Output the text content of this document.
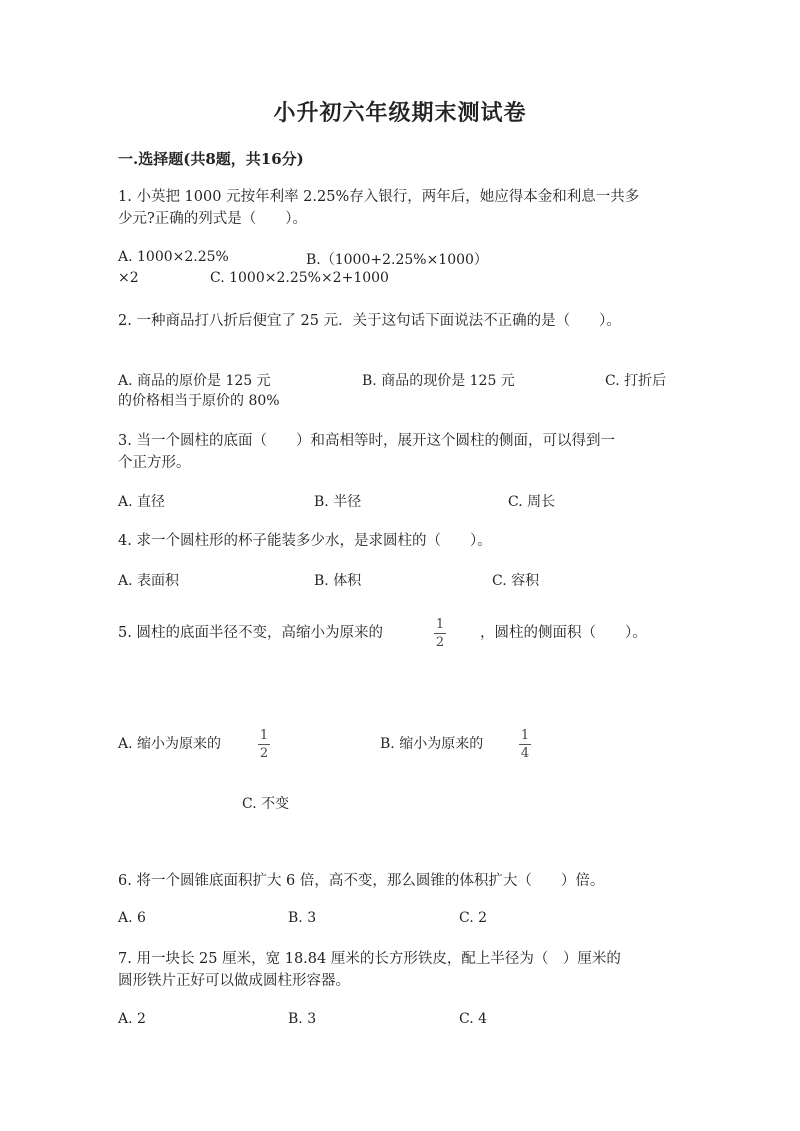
小升初六年级期末测试卷
一.选择题(共8题，共16分)
1. 小英把 1000 元按年利率 2.25%存入银行，两年后，她应得本金和利息一共多
少元?正确的列式是（　　）。
A. 1000×2.25%	B.（1000+2.25%×1000）
×2	C. 1000×2.25%×2+1000
2. 一种商品打八折后便宜了 25 元．关于这句话下面说法不正确的是（　　）。
A. 商品的原价是 125 元	B. 商品的现价是 125 元	C. 打折后
的价格相当于原价的 80%
3. 当一个圆柱的底面（　　）和高相等时，展开这个圆柱的侧面，可以得到一
个正方形。
A. 直径	B. 半径	C. 周长
4. 求一个圆柱形的杯子能装多少水，是求圆柱的（　　）。
A. 表面积	B. 体积	C. 容积
5. 圆柱的底面半径不变，高缩小为原来的
1
2
，圆柱的侧面积（　　）。
A. 缩小为原来的
1
2
B. 缩小为原来的
1
4
C. 不变
6. 将一个圆锥底面积扩大 6 倍，高不变，那么圆锥的体积扩大（　　）倍。
A. 6	B. 3	C. 2
7. 用一块长 25 厘米，宽 18.84 厘米的长方形铁皮，配上半径为（　）厘米的
圆形铁片正好可以做成圆柱形容器。
A. 2	B. 3	C. 4
